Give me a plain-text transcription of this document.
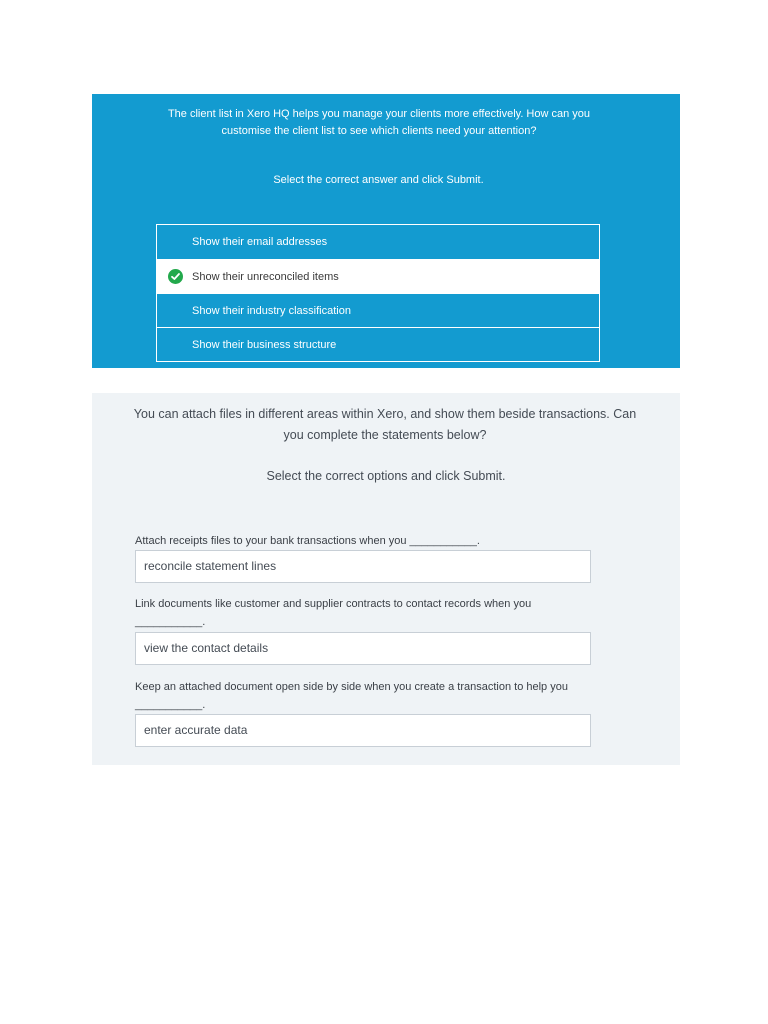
‹

The client list in Xero HQ helps you manage your clients more effectively. How can you customise the client list to see which clients need your attention?

Select the correct answer and click Submit.

Show their email addresses
Show their unreconciled items
Show their industry classification
Show their business structure

You can attach files in different areas within Xero, and show them beside transactions. Can you complete the statements below?

Select the correct options and click Submit.

Attach receipts files to your bank transactions when you ___________.

reconcile statement lines

Link documents like customer and supplier contracts to contact records when you ___________.

view the contact details

Keep an attached document open side by side when you create a transaction to help you ___________.

enter accurate data
